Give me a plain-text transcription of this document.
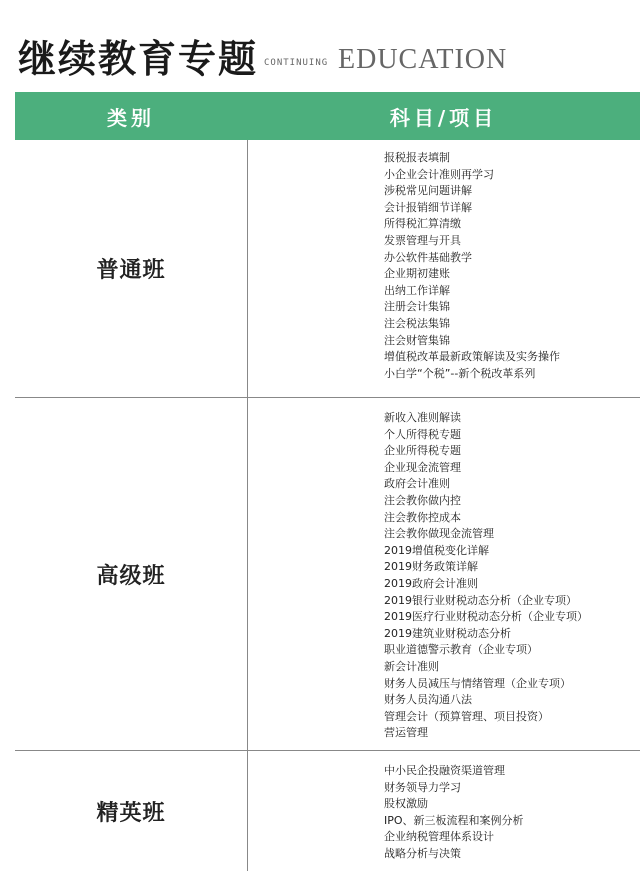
继续教育专题 CONTINUING EDUCATION
类别	科目/项目
普通班
报税报表填制
小企业会计准则再学习
涉税常见问题讲解
会计报销细节详解
所得税汇算清缴
发票管理与开具
办公软件基础教学
企业期初建账
出纳工作详解
注册会计集锦
注会税法集锦
注会财管集锦
增值税改革最新政策解读及实务操作
小白学“个税”--新个税改革系列
高级班
新收入准则解读
个人所得税专题
企业所得税专题
企业现金流管理
政府会计准则
注会教你做内控
注会教你控成本
注会教你做现金流管理
2019增值税变化详解
2019财务政策详解
2019政府会计准则
2019银行业财税动态分析（企业专项）
2019医疗行业财税动态分析（企业专项）
2019建筑业财税动态分析
职业道德警示教育（企业专项）
新会计准则
财务人员减压与情绪管理（企业专项）
财务人员沟通八法
管理会计（预算管理、项目投资）
营运管理
精英班
中小民企投融资渠道管理
财务领导力学习
股权激励
IPO、新三板流程和案例分析
企业纳税管理体系设计
战略分析与决策
